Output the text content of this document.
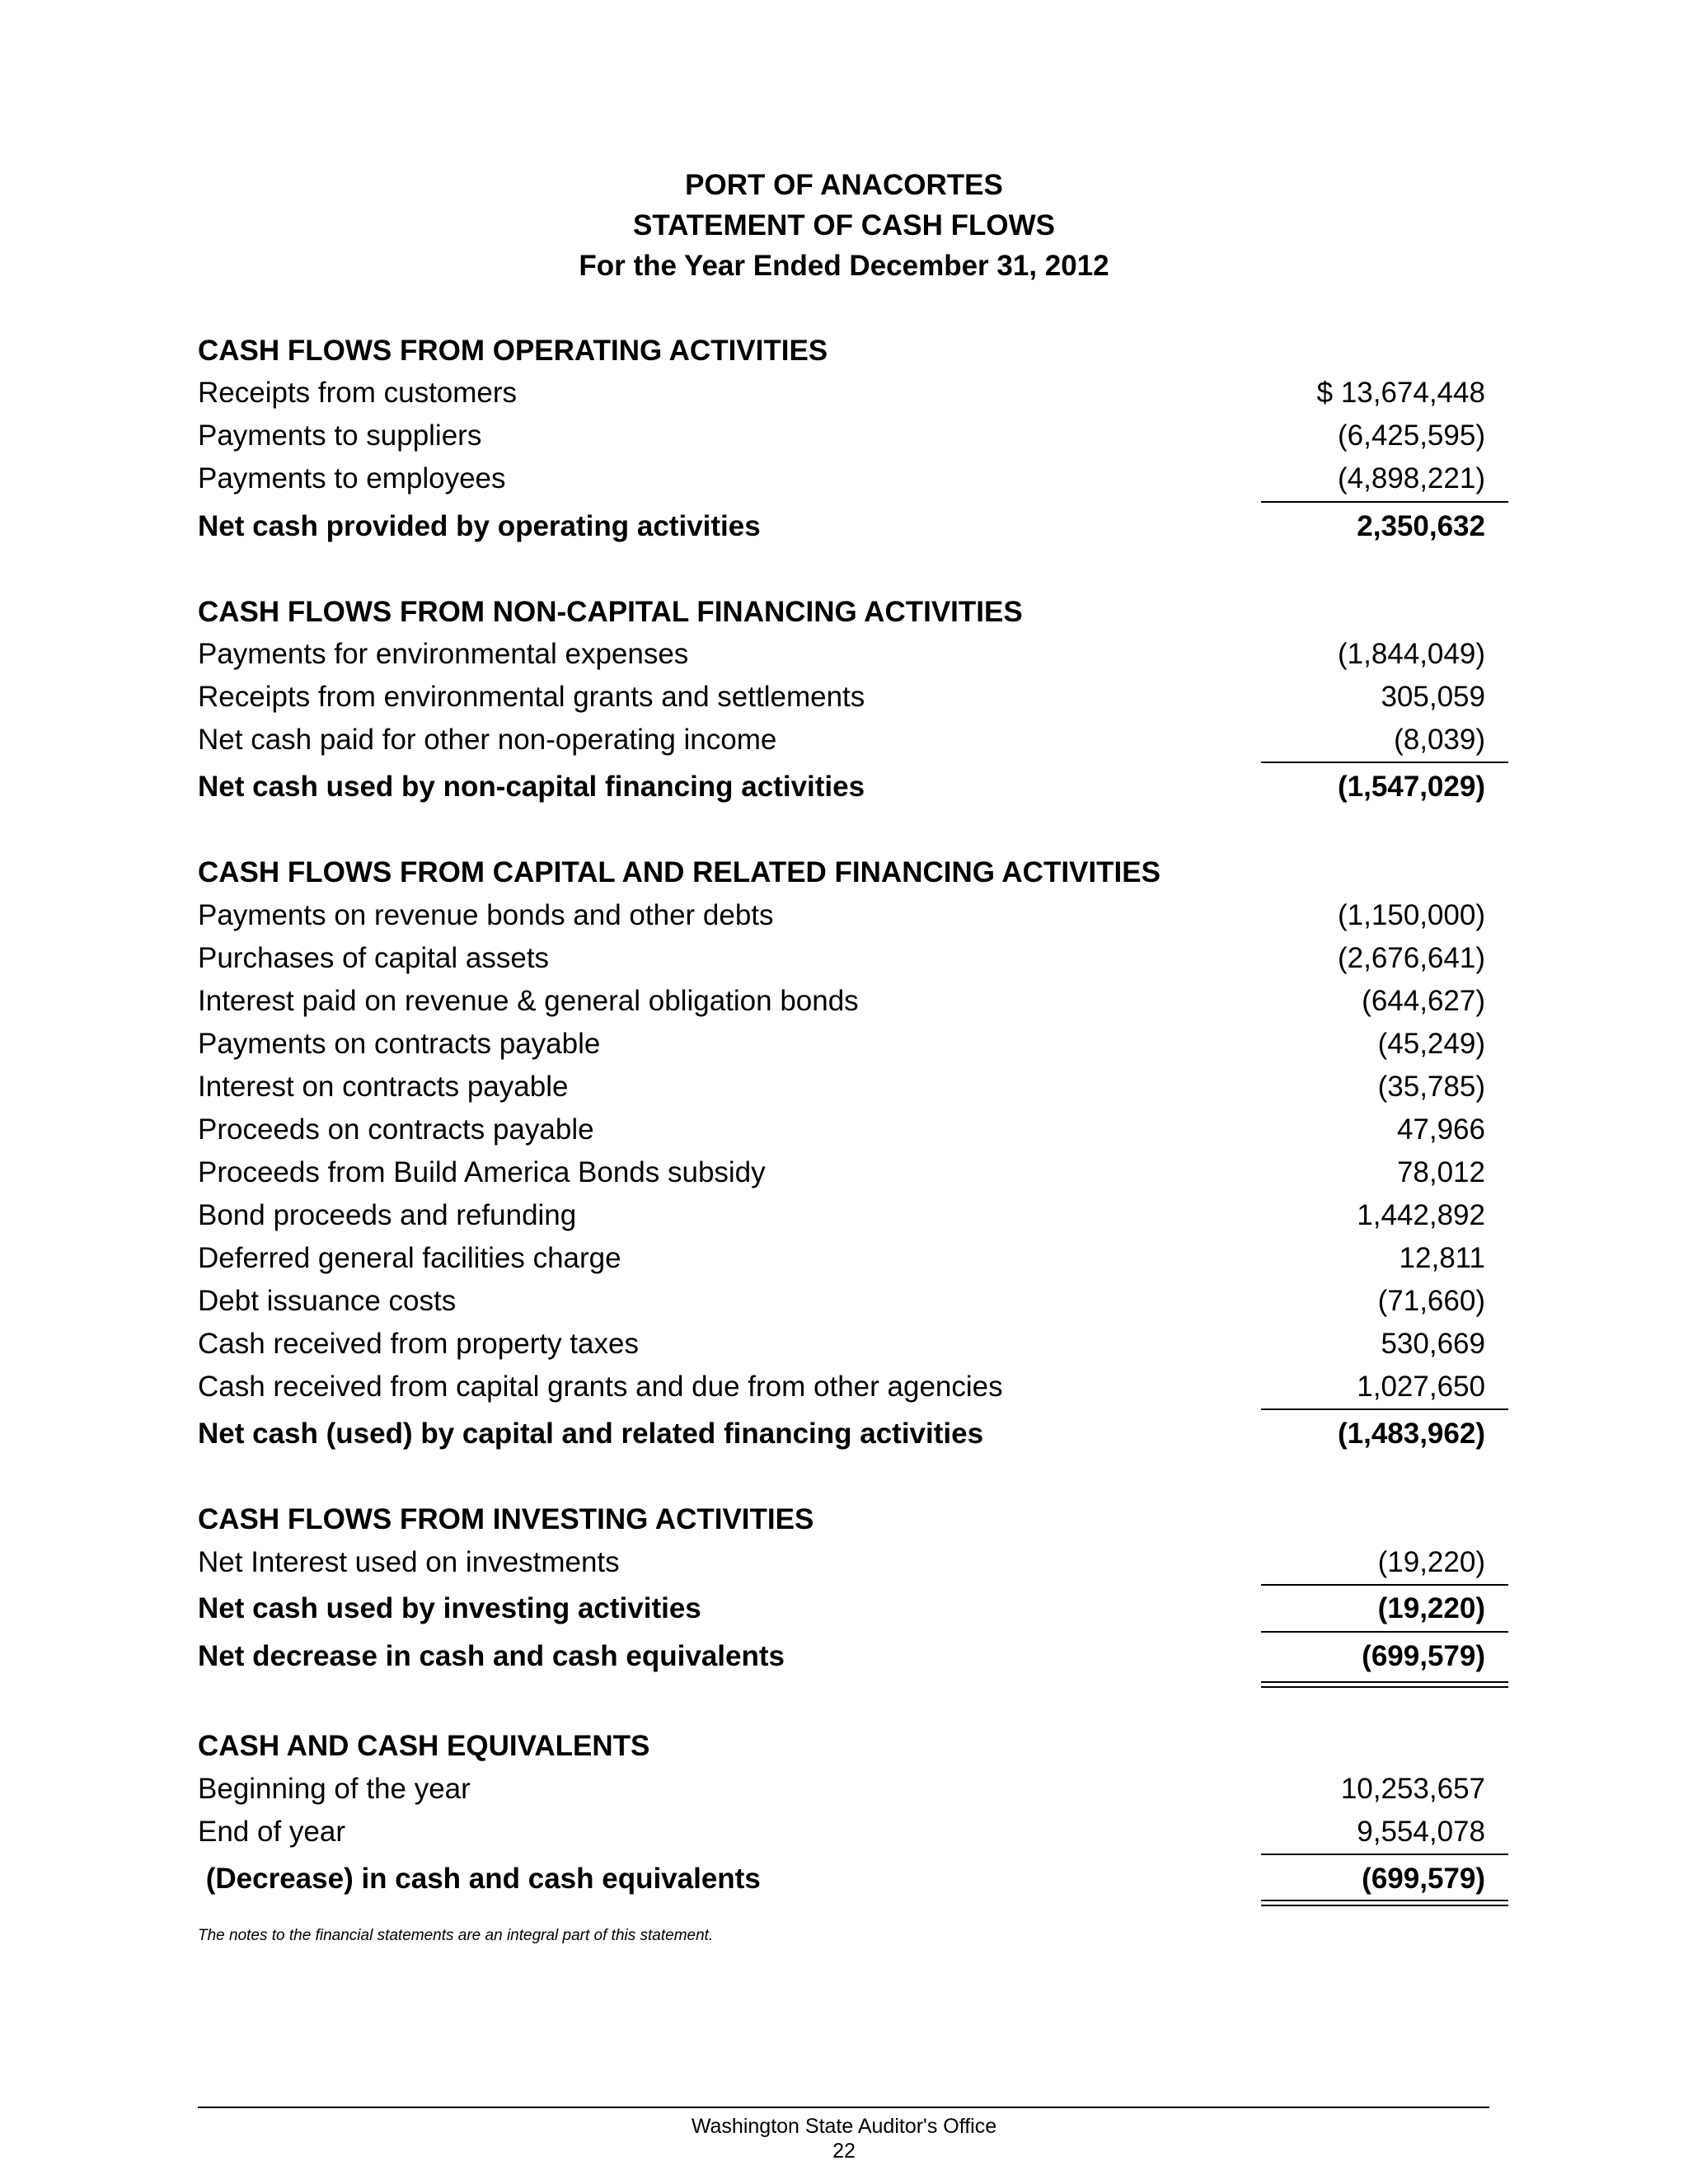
PORT OF ANACORTES
STATEMENT OF CASH FLOWS
For the Year Ended December 31, 2012
CASH FLOWS FROM OPERATING ACTIVITIES
Receipts from customers	$ 13,674,448
Payments to suppliers	(6,425,595)
Payments to employees	(4,898,221)
Net cash provided by operating activities	2,350,632
CASH FLOWS FROM NON-CAPITAL FINANCING ACTIVITIES
Payments for environmental expenses	(1,844,049)
Receipts from environmental grants and settlements	305,059
Net cash paid for other non-operating income	(8,039)
Net cash used by non-capital financing activities	(1,547,029)
CASH FLOWS FROM CAPITAL AND RELATED FINANCING ACTIVITIES
Payments on revenue bonds and other debts	(1,150,000)
Purchases of capital assets	(2,676,641)
Interest paid on revenue & general obligation bonds	(644,627)
Payments on contracts payable	(45,249)
Interest on contracts payable	(35,785)
Proceeds on contracts payable	47,966
Proceeds from Build America Bonds subsidy	78,012
Bond proceeds and refunding	1,442,892
Deferred general facilities charge	12,811
Debt issuance costs	(71,660)
Cash received from property taxes	530,669
Cash received from capital grants and due from other agencies	1,027,650
Net cash (used) by capital and related financing activities	(1,483,962)
CASH FLOWS FROM INVESTING ACTIVITIES
Net Interest used on investments	(19,220)
Net cash used by investing activities	(19,220)
Net decrease in cash and cash equivalents	(699,579)
CASH AND CASH EQUIVALENTS
Beginning of the year	10,253,657
End of year	9,554,078
(Decrease) in cash and cash equivalents	(699,579)
The notes to the financial statements are an integral part of this statement.
Washington State Auditor's Office
22
